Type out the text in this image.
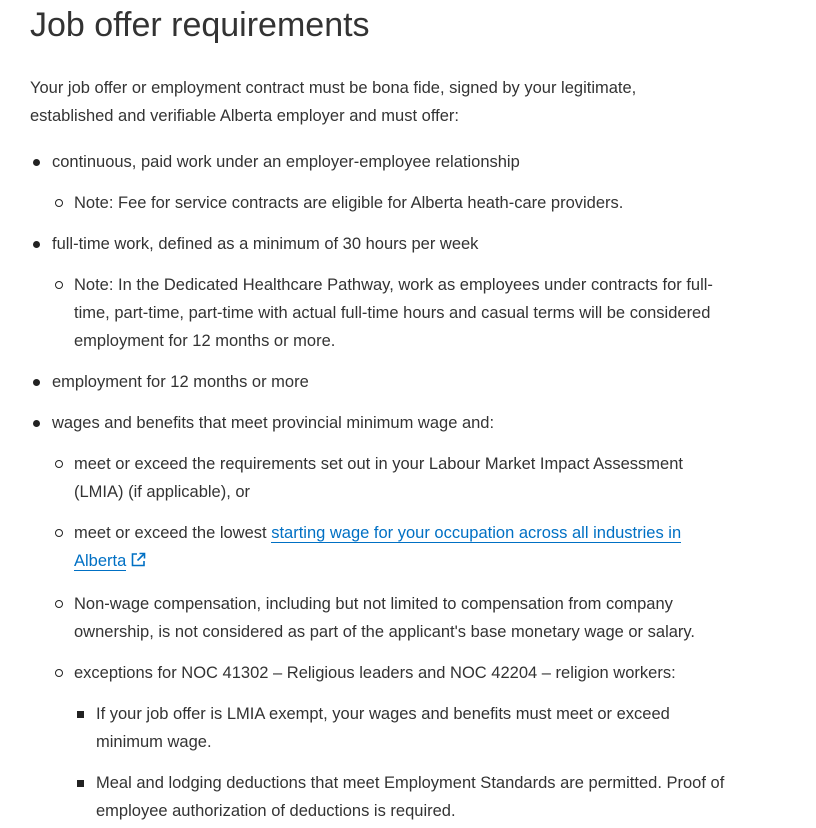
Job offer requirements

Your job offer or employment contract must be bona fide, signed by your legitimate, established and verifiable Alberta employer and must offer:

continuous, paid work under an employer-employee relationship
Note: Fee for service contracts are eligible for Alberta heath-care providers.
full-time work, defined as a minimum of 30 hours per week
Note: In the Dedicated Healthcare Pathway, work as employees under contracts for full-time, part-time, part-time with actual full-time hours and casual terms will be considered employment for 12 months or more.
employment for 12 months or more
wages and benefits that meet provincial minimum wage and:
meet or exceed the requirements set out in your Labour Market Impact Assessment (LMIA) (if applicable), or
meet or exceed the lowest starting wage for your occupation across all industries in Alberta
Non-wage compensation, including but not limited to compensation from company ownership, is not considered as part of the applicant's base monetary wage or salary.
exceptions for NOC 41302 – Religious leaders and NOC 42204 – religion workers:
If your job offer is LMIA exempt, your wages and benefits must meet or exceed minimum wage.
Meal and lodging deductions that meet Employment Standards are permitted. Proof of employee authorization of deductions is required.
